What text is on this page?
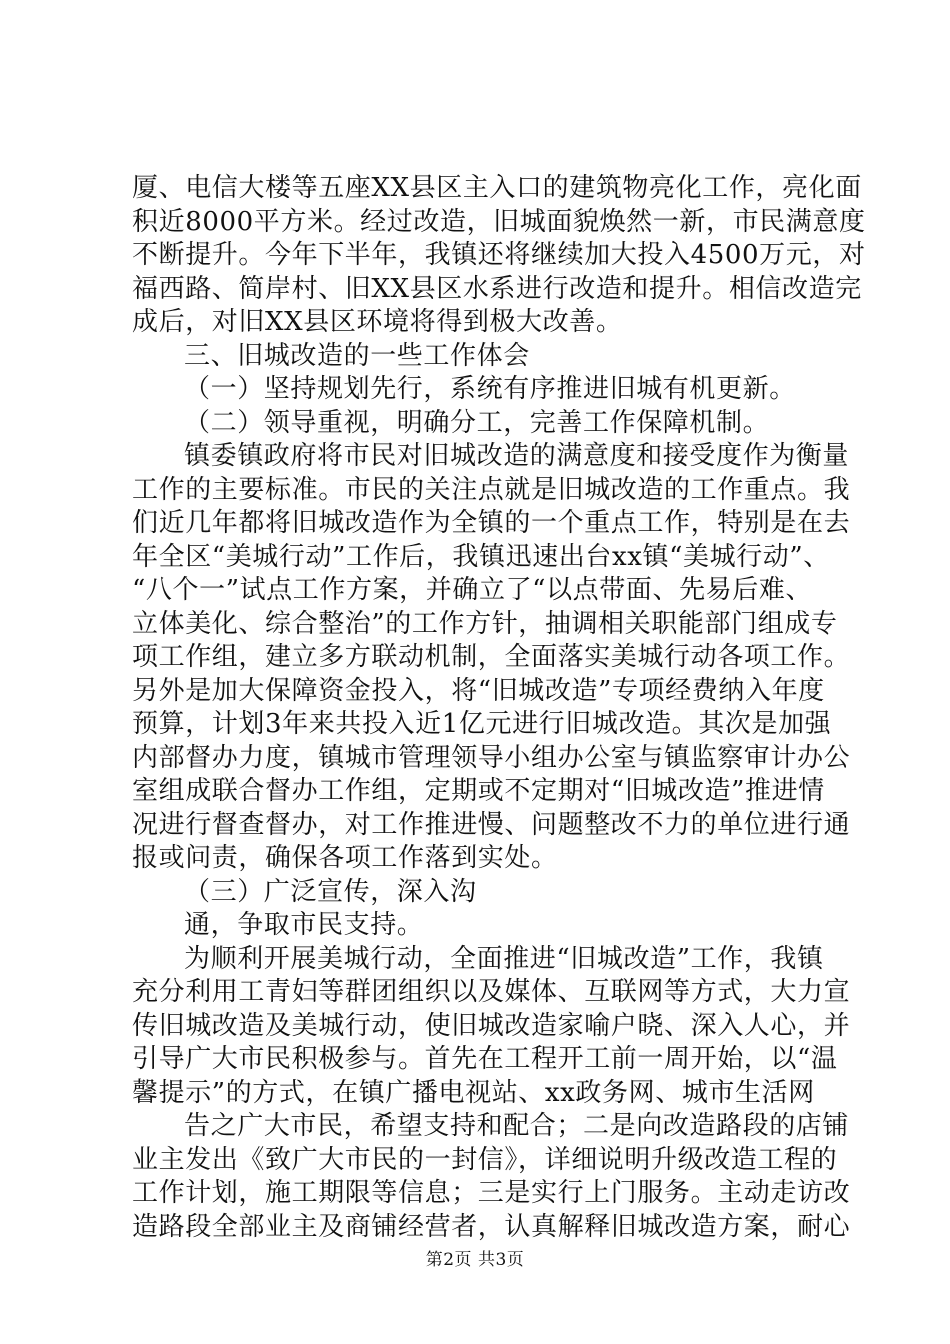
厦、电信大楼等五座XX县区主入口的建筑物亮化工作，亮化面
积近8000平方米。经过改造，旧城面貌焕然一新，市民满意度
不断提升。今年下半年，我镇还将继续加大投入4500万元，对
福西路、简岸村、旧XX县区水系进行改造和提升。相信改造完
成后，对旧XX县区环境将得到极大改善。
三、旧城改造的一些工作体会
（一）坚持规划先行，系统有序推进旧城有机更新。
（二）领导重视，明确分工，完善工作保障机制。
镇委镇政府将市民对旧城改造的满意度和接受度作为衡量
工作的主要标准。市民的关注点就是旧城改造的工作重点。我
们近几年都将旧城改造作为全镇的一个重点工作，特别是在去
年全区“美城行动”工作后，我镇迅速出台xx镇“美城行动”、
“八个一”试点工作方案，并确立了“以点带面、先易后难、
立体美化、综合整治”的工作方针，抽调相关职能部门组成专
项工作组，建立多方联动机制，全面落实美城行动各项工作。
另外是加大保障资金投入，将“旧城改造”专项经费纳入年度
预算，计划3年来共投入近1亿元进行旧城改造。其次是加强
内部督办力度，镇城市管理领导小组办公室与镇监察审计办公
室组成联合督办工作组，定期或不定期对“旧城改造”推进情
况进行督查督办，对工作推进慢、问题整改不力的单位进行通
报或问责，确保各项工作落到实处。
（三）广泛宣传，深入沟
通，争取市民支持。
为顺利开展美城行动，全面推进“旧城改造”工作，我镇
充分利用工青妇等群团组织以及媒体、互联网等方式，大力宣
传旧城改造及美城行动，使旧城改造家喻户晓、深入人心，并
引导广大市民积极参与。首先在工程开工前一周开始，以“温
馨提示”的方式，在镇广播电视站、xx政务网、城市生活网
告之广大市民，希望支持和配合；二是向改造路段的店铺
业主发出《致广大市民的一封信》，详细说明升级改造工程的
工作计划，施工期限等信息；三是实行上门服务。主动走访改
造路段全部业主及商铺经营者，认真解释旧城改造方案，耐心
第2页 共3页
